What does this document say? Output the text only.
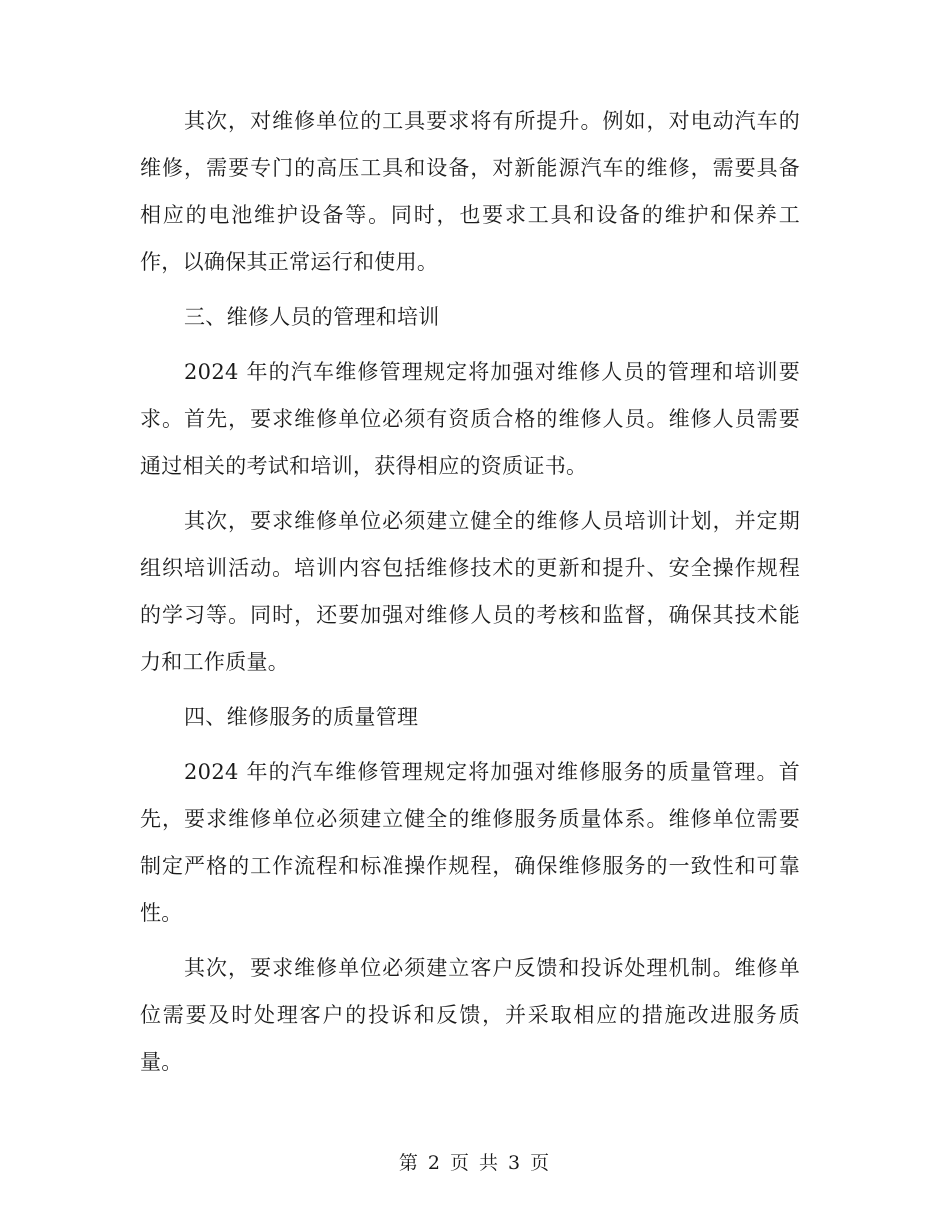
其次，对维修单位的工具要求将有所提升。例如，对电动汽车的维修，需要专门的高压工具和设备，对新能源汽车的维修，需要具备相应的电池维护设备等。同时，也要求工具和设备的维护和保养工作，以确保其正常运行和使用。

三、维修人员的管理和培训

2024 年的汽车维修管理规定将加强对维修人员的管理和培训要求。首先，要求维修单位必须有资质合格的维修人员。维修人员需要通过相关的考试和培训，获得相应的资质证书。

其次，要求维修单位必须建立健全的维修人员培训计划，并定期组织培训活动。培训内容包括维修技术的更新和提升、安全操作规程的学习等。同时，还要加强对维修人员的考核和监督，确保其技术能力和工作质量。

四、维修服务的质量管理

2024 年的汽车维修管理规定将加强对维修服务的质量管理。首先，要求维修单位必须建立健全的维修服务质量体系。维修单位需要制定严格的工作流程和标准操作规程，确保维修服务的一致性和可靠性。

其次，要求维修单位必须建立客户反馈和投诉处理机制。维修单位需要及时处理客户的投诉和反馈，并采取相应的措施改进服务质量。

第 2 页 共 3 页
